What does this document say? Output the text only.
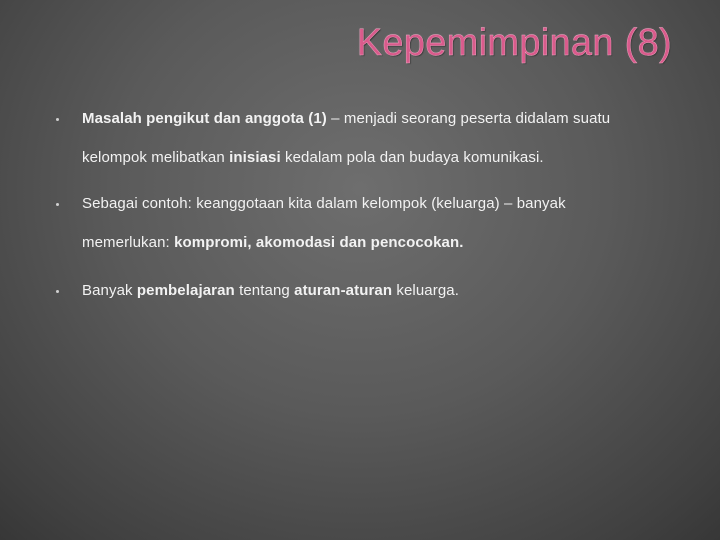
Kepemimpinan (8)
Masalah pengikut dan anggota (1) – menjadi seorang peserta didalam suatu
kelompok melibatkan inisiasi kedalam pola dan budaya komunikasi.
Sebagai contoh: keanggotaan kita dalam kelompok (keluarga) – banyak
memerlukan: kompromi, akomodasi dan pencocokan.
Banyak pembelajaran tentang aturan-aturan keluarga.
